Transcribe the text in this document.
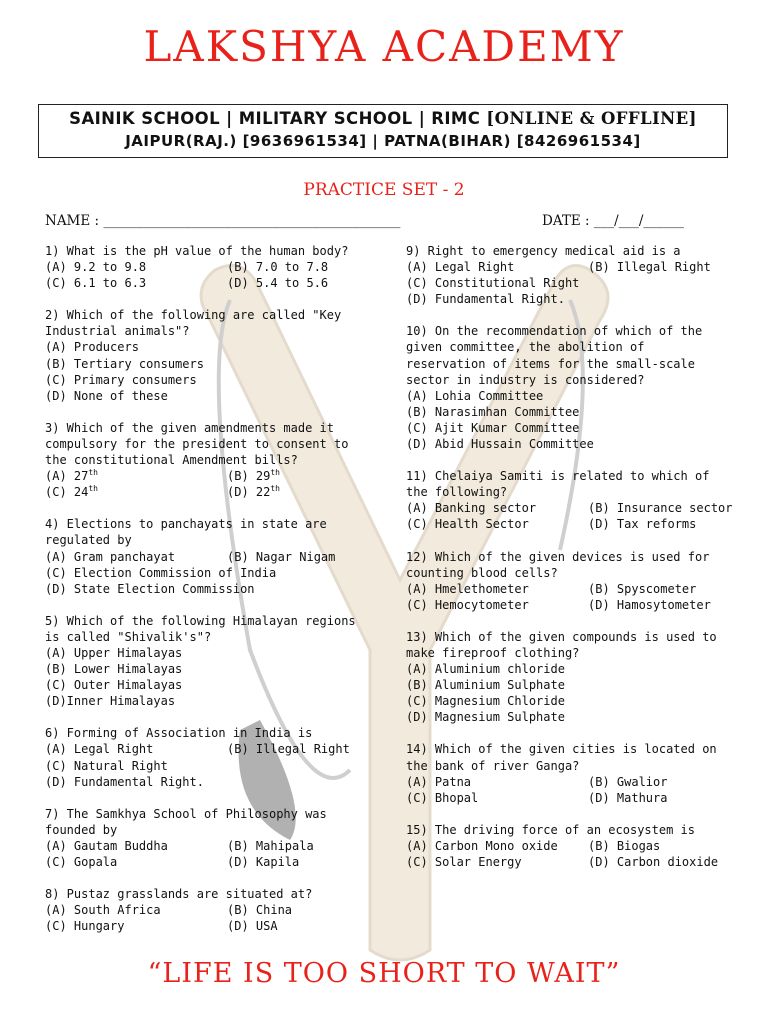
LAKSHYA ACADEMY
SAINIK SCHOOL | MILITARY SCHOOL | RIMC [ONLINE & OFFLINE]
JAIPUR(RAJ.) [9636961534] | PATNA(BIHAR) [8426961534]
PRACTICE SET - 2
NAME : ____________________________________________	DATE : ___/___/______
1) What is the pH value of the human body?
(A) 9.2 to 9.8	(B) 7.0 to 7.8
(C) 6.1 to 6.3	(D) 5.4 to 5.6
2) Which of the following are called "Key Industrial animals"?
(A) Producers
(B) Tertiary consumers
(C) Primary consumers
(D) None of these
3) Which of the given amendments made it compulsory for the president to consent to the constitutional Amendment bills?
(A) 27th	(B) 29th
(C) 24th	(D) 22th
4) Elections to panchayats in state are regulated by
(A) Gram panchayat	(B) Nagar Nigam
(C) Election Commission of India
(D) State Election Commission
5) Which of the following Himalayan regions is called "Shivalik's"?
(A) Upper Himalayas
(B) Lower Himalayas
(C) Outer Himalayas
(D)Inner Himalayas
6) Forming of Association in India is
(A) Legal Right	(B) Illegal Right
(C) Natural Right
(D) Fundamental Right.
7) The Samkhya School of Philosophy was founded by
(A) Gautam Buddha	(B) Mahipala
(C) Gopala	(D) Kapila
8) Pustaz grasslands are situated at?
(A) South Africa	(B) China
(C) Hungary	(D) USA
9) Right to emergency medical aid is a
(A) Legal Right	(B) Illegal Right
(C) Constitutional Right
(D) Fundamental Right.
10) On the recommendation of which of the given committee, the abolition of reservation of items for the small-scale sector in industry is considered?
(A) Lohia Committee
(B) Narasimhan Committee
(C) Ajit Kumar Committee
(D) Abid Hussain Committee
11) Chelaiya Samiti is related to which of the following?
(A) Banking sector	(B) Insurance sector
(C) Health Sector	(D) Tax reforms
12) Which of the given devices is used for counting blood cells?
(A) Hmelethometer	(B) Spyscometer
(C) Hemocytometer	(D) Hamosytometer
13) Which of the given compounds is used to make fireproof clothing?
(A) Aluminium chloride
(B) Aluminium Sulphate
(C) Magnesium Chloride
(D) Magnesium Sulphate
14) Which of the given cities is located on the bank of river Ganga?
(A) Patna	(B) Gwalior
(C) Bhopal	(D) Mathura
15) The driving force of an ecosystem is
(A) Carbon Mono oxide	(B) Biogas
(C) Solar Energy	(D) Carbon dioxide
“LIFE IS TOO SHORT TO WAIT”
